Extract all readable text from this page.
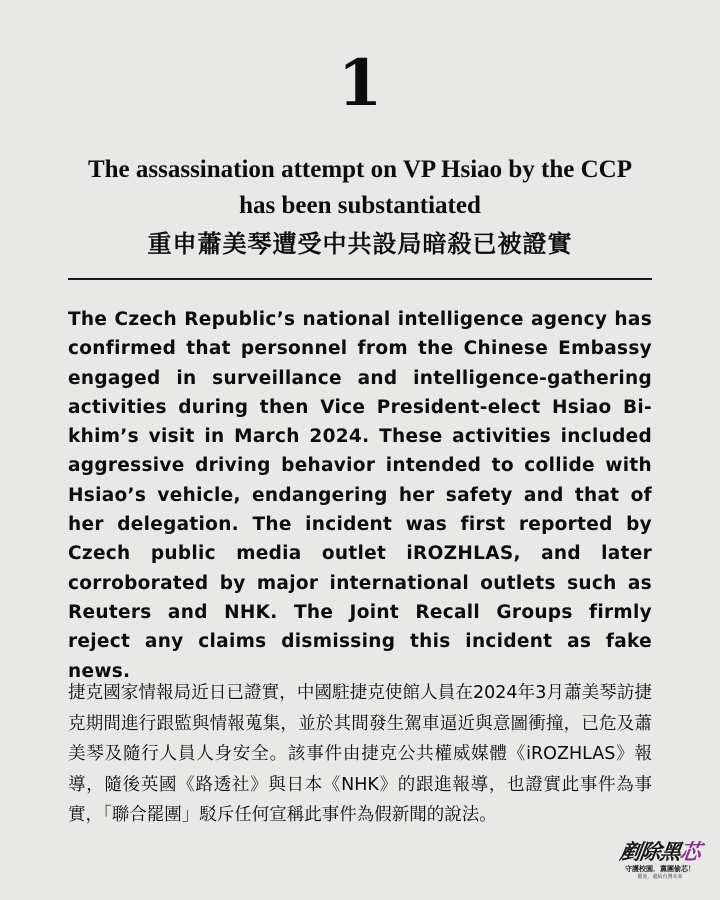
1
The assassination attempt on VP Hsiao by the CCP
has been substantiated
重申蕭美琴遭受中共設局暗殺已被證實

The Czech Republic’s national intelligence agency has confirmed that personnel from the Chinese Embassy engaged in surveillance and intelligence-gathering activities during then Vice President-elect Hsiao Bi-khim’s visit in March 2024. These activities included aggressive driving behavior intended to collide with Hsiao’s vehicle, endangering her safety and that of her delegation. The incident was first reported by Czech public media outlet iROZHLAS, and later corroborated by major international outlets such as Reuters and NHK. The Joint Recall Groups firmly reject any claims dismissing this incident as fake news.

捷克國家情報局近日已證實，中國駐捷克使館人員在2024年3月蕭美琴訪捷克期間進行跟監與情報蒐集，並於其間發生駕車逼近與意圖衝撞，已危及蕭美琴及隨行人員人身安全。該事件由捷克公共權威媒體《iROZHLAS》報導，隨後英國《路透社》與日本《NHK》的跟進報導，也證實此事件為事實，「聯合罷團」駁斥任何宣稱此事件為假新聞的說法。

剷除黑芯
守護校園．黨團偷芯！
罷免．還給台灣未來
